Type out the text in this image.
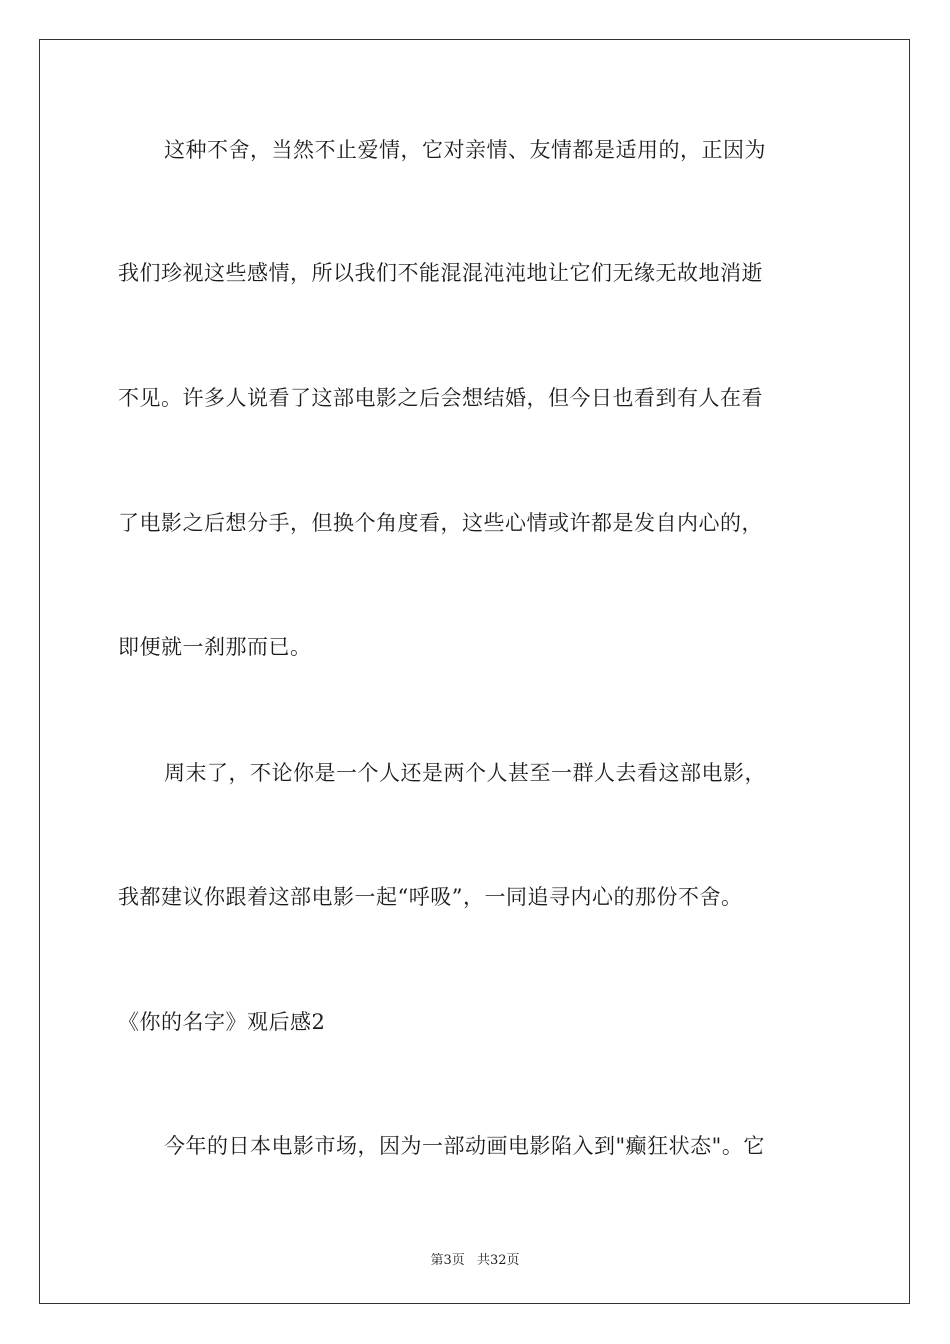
这种不舍，当然不止爱情，它对亲情、友情都是适用的，正因为
我们珍视这些感情，所以我们不能混混沌沌地让它们无缘无故地消逝
不见。许多人说看了这部电影之后会想结婚，但今日也看到有人在看
了电影之后想分手，但换个角度看，这些心情或许都是发自内心的，
即便就一刹那而已。
周末了，不论你是一个人还是两个人甚至一群人去看这部电影，
我都建议你跟着这部电影一起“呼吸”，一同追寻内心的那份不舍。
《你的名字》观后感2
今年的日本电影市场，因为一部动画电影陷入到"癫狂状态"。它
第3页 共32页
